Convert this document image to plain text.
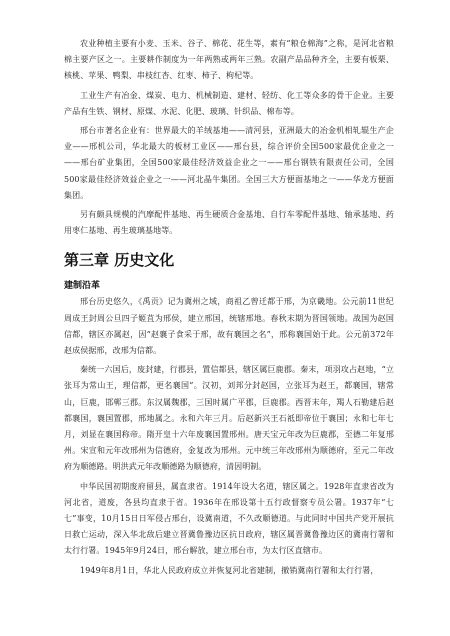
农业种植主要有小麦、玉米、谷子、棉花、花生等，素有“粮仓棉海”之称，是河北省粮棉主要产区之一。主要耕作制度为一年两熟或两年三熟。农副产品品种齐全，主要有板栗、核桃、苹果、鸭梨、串枝红杏、红枣、柿子、枸杞等。

工业生产有冶金、煤炭、电力、机械制造、建材、轻纺、化工等众多的骨干企业。主要产品有生铁、钢材、原煤、水泥、化肥、玻璃、针织品、棉布等。

邢台市著名企业有：世界最大的羊绒基地——清河县，亚洲最大的冶金机相轧辊生产企业——邢机公司，华北最大的板材工业区——邢台县，综合评价全国500家最优企业之一——邢台矿业集团，全国500家最佳经济效益企业之一——邢台钢铁有限责任公司，全国500家最佳经济效益企业之一——河北晶牛集团。全国三大方便面基地之一——华龙方便面集团。

另有颇具规模的汽摩配件基地、再生硬质合金基地、自行车零配件基地、轴承基地、药用枣仁基地、再生玻璃基地等。

第三章 历史文化
建制沿革

邢台历史悠久，《禹贡》记为冀州之域，商祖乙曾迁都于邢，为京畿地。公元前11世纪周成王封周公旦四子姬苴为邢侯，建立邢国，统辖邢地。春秋末期为晋国领地。战国为赵国信都，辖区亦属赵，因“赵襄子食采于邢，故有襄国之名”，邢称襄国始于此。公元前372年赵成侯据邢，改邢为信都。

秦统一六国后，废封建，行郡县，置信都县，辖区属巨鹿郡。秦末，项羽攻占赵地，“立张耳为常山王，理信都，更名襄国”。汉初，刘邦分封赵国，立张耳为赵王，都襄国，辖常山，巨鹿，邯郸三郡。东汉属魏郡，三国时属广平郡，巨鹿郡。西晋末年，羯人石勒建后赵都襄国，襄国置郡，邢地属之。永和六年三月。后赵新兴王石祗即帝位于襄国；永和七年七月，刘显在襄国称帝。隋开皇十六年废襄国置邢州。唐天宝元年改为巨鹿郡，至德二年复邢州。宋宣和元年改邢州为信德府，金复改为邢州。元中统三年改邢州为顺德府，至元二年改府为顺德路。明洪武元年改顺德路为顺德府，清因明制。

中华民国初期废府留县，属直隶省。1914年设大名道，辖区属之。1928年直隶省改为河北省，道废，各县均直隶于省。1936年在邢设第十五行政督察专员公署。1937年“七七”事变，10月15日日军侵占邢台，设冀南道，不久改顺德道。与此同时中国共产党开展抗日救亡运动，深入华北敌后建立晋冀鲁豫边区抗日政府，辖区属晋冀鲁豫边区的冀南行署和太行行署。1945年9月24日，邢台解放，建立邢台市，为太行区直辖市。

1949年8月1日，华北人民政府成立并恢复河北省建制，撤销冀南行署和太行行署，
